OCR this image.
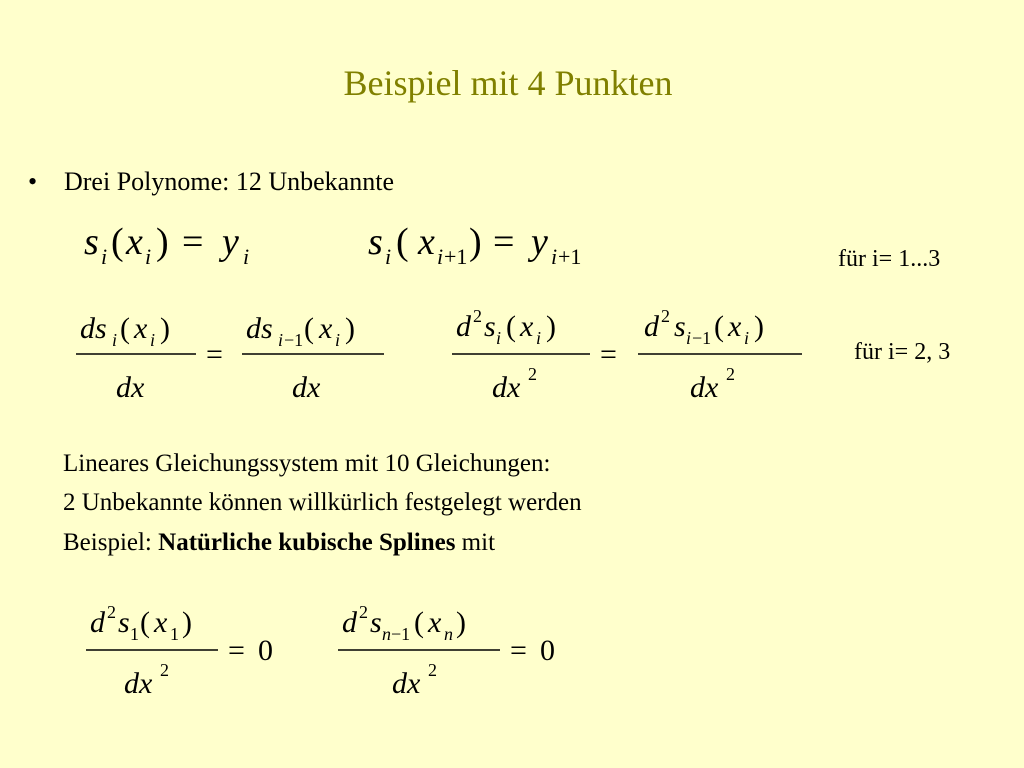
Beispiel mit 4 Punkten
• Drei Polynome: 12 Unbekannte
s i ( x i ) = y i	s i ( x i +1 ) = y i +1	für i= 1...3
ds i ( x i )
dx
=
ds i −1 ( x i )
dx
d 2 s i ( x i )
dx 2
=
d 2 s i −1 ( x i )
dx 2
für i= 2, 3
Lineares Gleichungssystem mit 10 Gleichungen:
2 Unbekannte können willkürlich festgelegt werden
Beispiel: Natürliche kubische Splines mit
d 2 s 1 ( x 1 )
dx 2
= 0
d 2 s n −1 ( x n )
dx 2
= 0
